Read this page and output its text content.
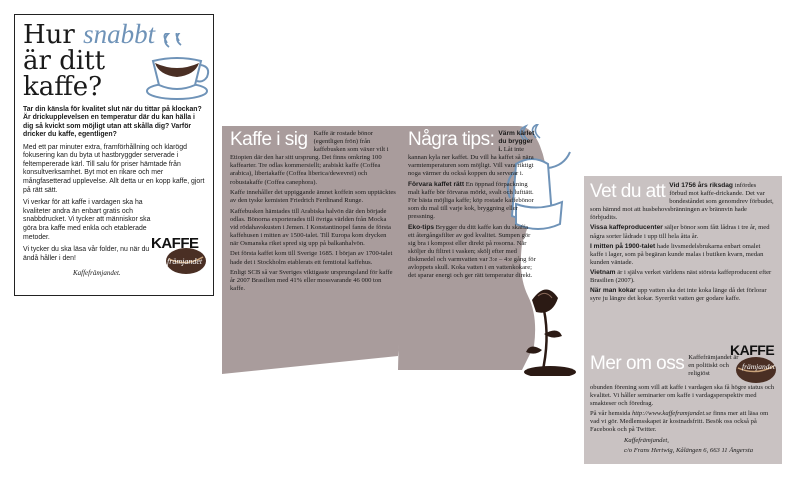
Hur snabbt
är ditt
kaffe?
Tar din känsla för kvalitet slut när du tittar på klockan? Är drickupplevelsen en temperatur där du kan hälla i dig så kvickt som möjligt utan att skålla dig? Varför dricker du kaffe, egentligen?
Med ett par minuter extra, framförhållning och klarögd fokusering kan du byta ut hastbryggder serverade i feltempererade kärl. Till salu för priser hämtade från konsultverksamhet. Byt mot en rikare och mer mångfasetterad upplevelse. Allt detta ur en kopp kaffe, gjort på rätt sätt.
Vi verkar för att kaffe i vardagen ska ha kvaliteter andra än enbart gratis och snabbdrucket. Vi tycker att människor ska göra bra kaffe med enkla och etablerade metoder.
Vi tycker du ska läsa vår folder, nu när du ändå håller i den!
Kaffefrämjandet.
KAFFE
främjandet
Kaffe i sig Kaffe är rostade bönor (egentligen frön) från kaffebusken som växer vilt i Etiopien där den har sitt ursprung. Det finns omkring 100 kaffearter. Tre odlas kommersiellt; arabiskt kaffe (Coffea arabica), liberiakaffe (Coffea liberica/dewevrei) och robustakaffe (Coffea canephora).

Kaffe innehåller det uppiggande ämnet koffein som upptäcktes av den tyske kemisten Friedrich Ferdinand Runge.

Kaffebusken hämtades till Arabiska halvön där den började odlas. Bönorna exporterades till övriga världen från Mocka vid rödahavskusten i Jemen. I Konstantinopel fanns de första kaffehusen i mitten av 1500-talet. Till Europa kom drycken när Osmanska riket spred sig upp på balkanhalvön.

Det första kaffet kom till Sverige 1685. I början av 1700-talet hade det i Stockholm etablerats ett femtiotal kaffehus.

Enligt SCB så var Sveriges viktigaste ursprungsland för kaffe år 2007 Brasilien med 41% eller mossvarande 46 000 ton kaffe.

Några tips: Värm kärlet du brygger i. Låt inte kannan kyla ner kaffet. Du vill ha kaffet så nära varmtemperaturen som möjligt. Vill vara riktigt noga värmer du också koppen du serverar i.

Förvara kaffet rätt En öppnad förpackning malt kaffe bör förvaras mörkt, svalt och lufttätt. För bästa möjliga kaffe; köp rostade kaffebönor som du mal till varje kok, bryggning eller pressning.

Eko-tips Brygger du ditt kaffe kan du skaffa ett återgångsfilter av god kvalitet. Sumpen gör sig bra i kompost eller direkt på rosorna. När sköljer du filtret i vasken; skölj efter med diskmedel och varmvatten var 3:e – 4:e gång för avloppets skull. Koka vatten i en vattenkokare; det sparar energi och ger rätt temperatur direkt.

Vet du att Vid 1756 års riksdag infördes förbud mot kaffe-drickande. Det var bondeståndet som genomdrev förbudet, som hämnd mot att husbehovsbränningen av brännvin hade förbjudits.

Vissa kaffeproducenter säljer bönor som fått lådras i tre år, med några sorter lådrade i upp till hela åtta år.

I mitten på 1900-talet hade livsmedelsbrukarna enbart omalet kaffe i lager, som på begäran kunde malas i butiken kvarn, medan kunden väntade.

Vietnam är i själva verket världens näst största kaffeproducent efter Brasilien (2007).

När man kokar upp vatten ska det inte koka länge då det förlorar syre ju längre det kokar. Syrerikt vatten ger godare kaffe.

KAFFE
främjandet
Mer om oss Kaffefrämjandet är en politiskt och religiöst

obunden förening som vill att kaffe i vardagen ska få högre status och kvalitet. Vi håller seminarier om kaffe i vardagsperspektiv med smakteser och föredrag.

På vår hemsida http://www.kaffeframjandet.se finns mer att läsa om vad vi gör. Medlemsskapet är kostnadsfritt. Besök oss också på Facebook och på Twitter.

Kaffefrämjandet,

c/o Frans Hertwig, Kålängen 6, 663 11 Ängersta
